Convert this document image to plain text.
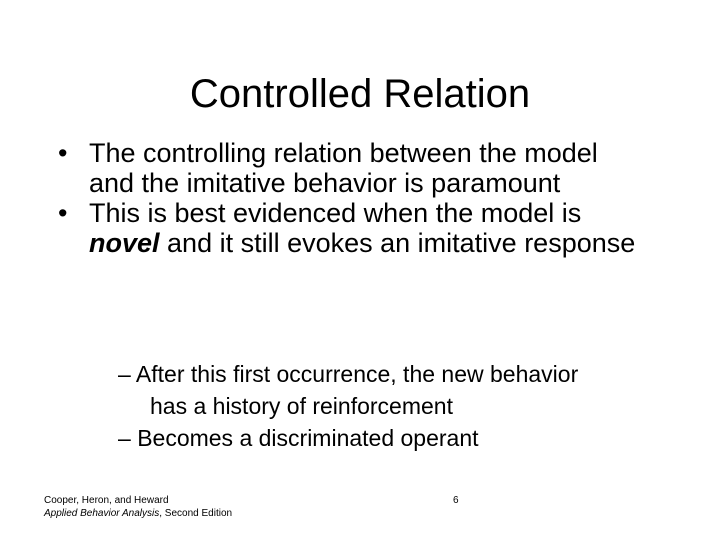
Controlled Relation
• The controlling relation between the model and the imitative behavior is paramount
• This is best evidenced when the model is novel and it still evokes an imitative response
– After this first occurrence, the new behavior
has a history of reinforcement
– Becomes a discriminated operant
Cooper, Heron, and Heward
Applied Behavior Analysis, Second Edition
6
